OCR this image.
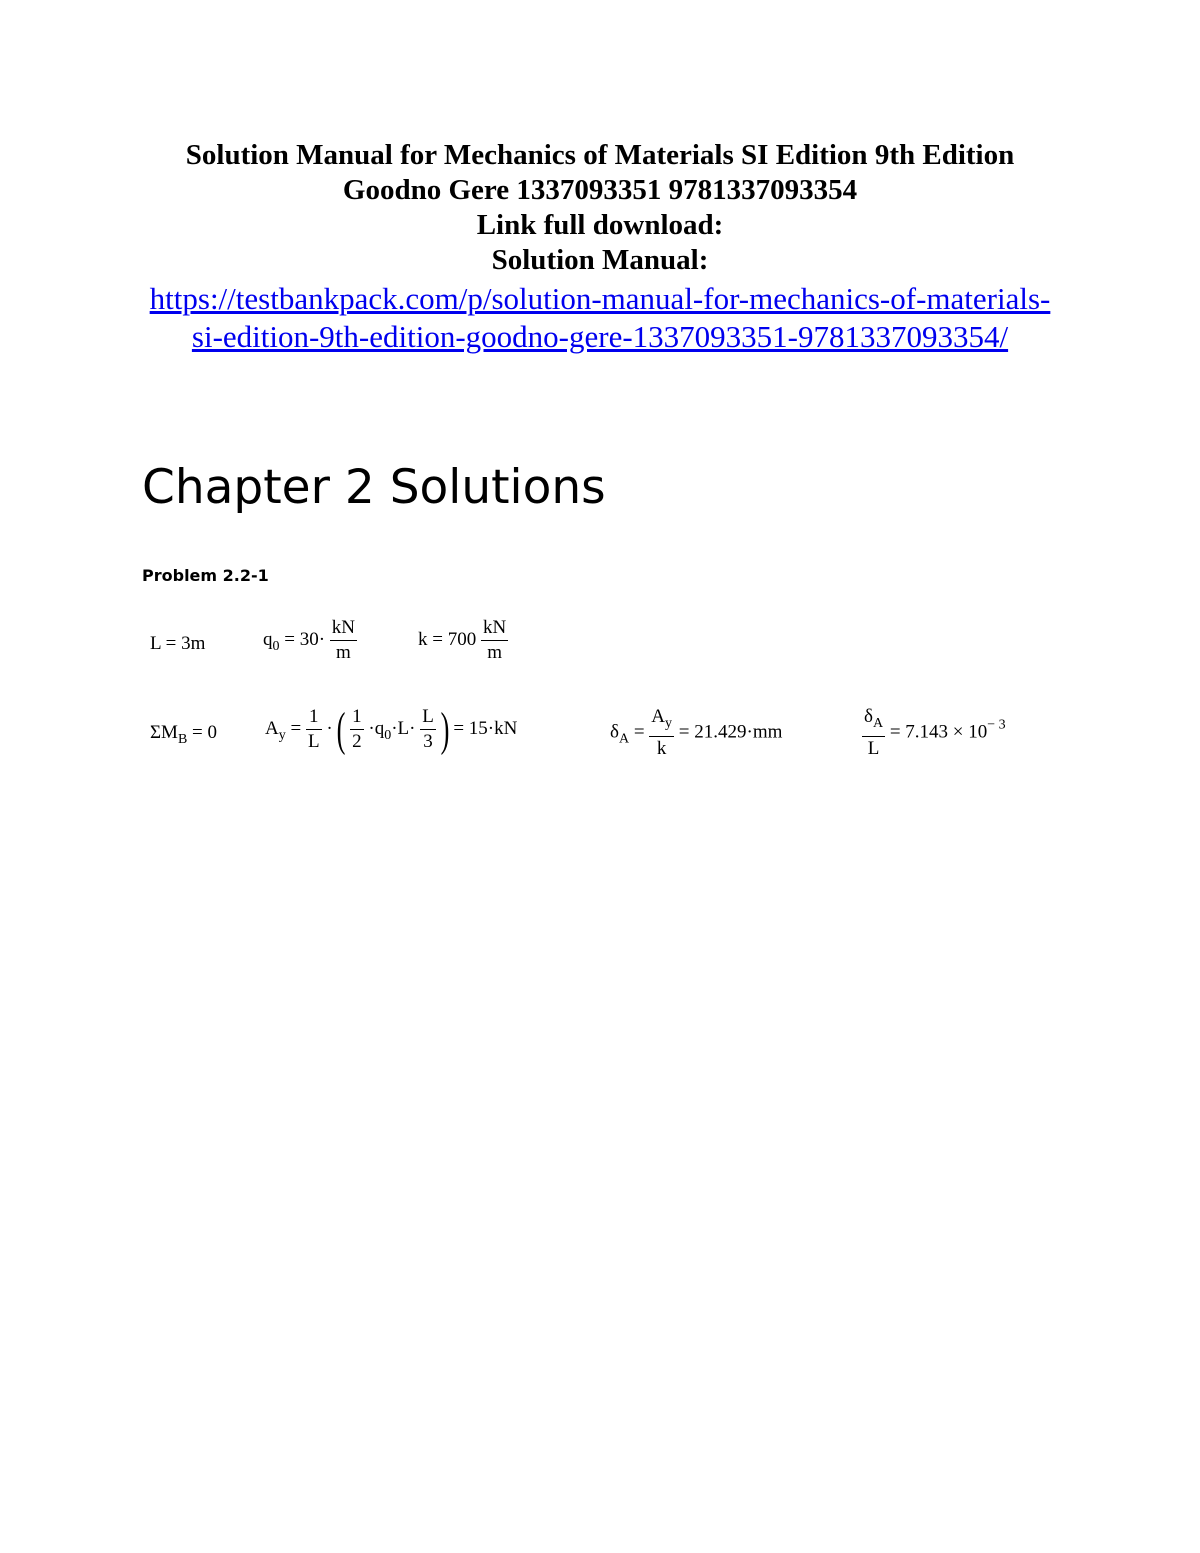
Solution Manual for Mechanics of Materials SI Edition 9th Edition
Goodno Gere 1337093351 9781337093354
Link full download:
Solution Manual:
https://testbankpack.com/p/solution-manual-for-mechanics-of-materials-
si-edition-9th-edition-goodno-gere-1337093351-9781337093354/
Chapter 2 Solutions
Problem 2.2-1
L = 3m	$q_0 = 30\cdot \frac{kN}{m}$	$k = 700 \frac{kN}{m}$
$\Sigma M_B = 0$	$A_y = \frac{1}{L}$ · ( $\frac{1}{2} \cdot q_0\cdot L\cdot \frac{L}{3}$ ) = 15·kN	$\delta_A = \frac{A_y}{k} = 21.429\cdot mm$	$\frac{\delta_A}{L} = 7.143 \times 10^{- 3}$
